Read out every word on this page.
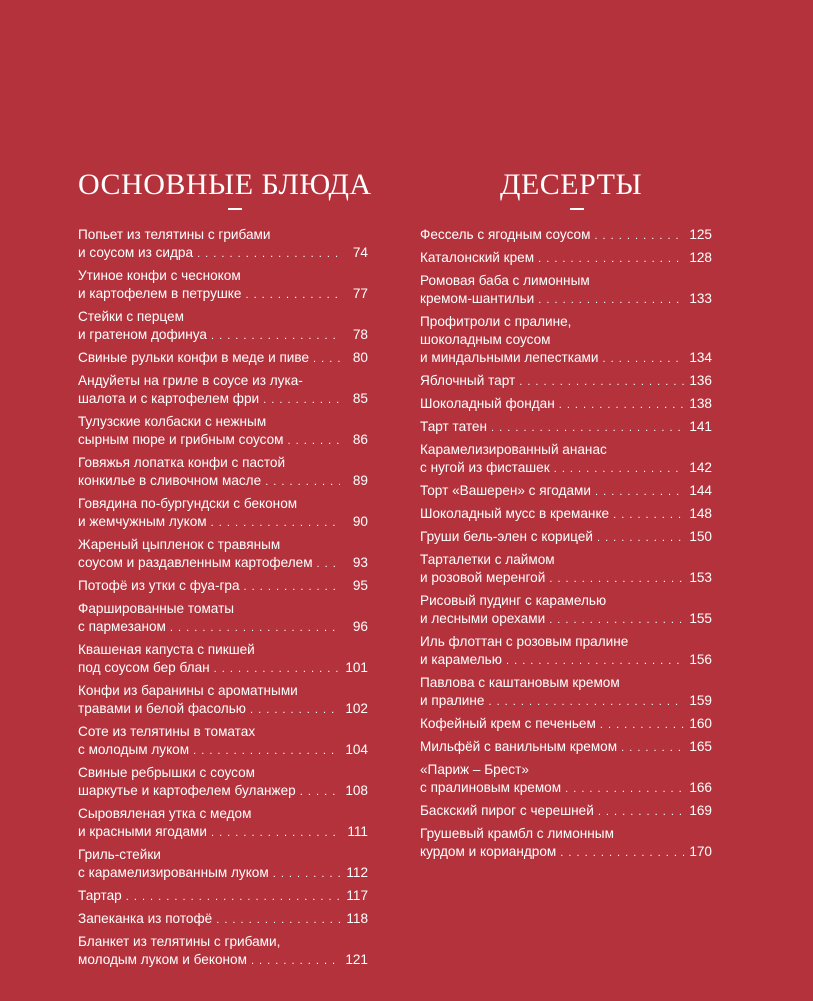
ОСНОВНЫЕ БЛЮДА
Попьет из телятины с грибами
и соусом из сидра . . .	74
Утиное конфи с чесноком
и картофелем в петрушке . . .	77
Стейки с перцем
и гратеном дофинуа . . .	78
Свиные рульки конфи в меде и пиве . . .	80
Андуйеты на гриле в соусе из лука-
шалота и с картофелем фри . . .	85
Тулузские колбаски с нежным
сырным пюре и грибным соусом . . .	86
Говяжья лопатка конфи с пастой
конкилье в сливочном масле . . .	89
Говядина по-бургундски с беконом
и жемчужным луком . . .	90
Жареный цыпленок с травяным
соусом и раздавленным картофелем . . .	93
Потофё из утки с фуа-гра . . .	95
Фаршированные томаты
с пармезаном . . .	96
Квашеная капуста с пикшей
под соусом бер блан . . .	101
Конфи из баранины с ароматными
травами и белой фасолью . . .	102
Соте из телятины в томатах
с молодым луком . . .	104
Свиные ребрышки с соусом
шаркутье и картофелем буланжер . . .	108
Сыровяленая утка с медом
и красными ягодами . . .	111
Гриль-стейки
с карамелизированным луком . . .	112
Тартар . . .	117
Запеканка из потофё . . .	118
Бланкет из телятины с грибами,
молодым луком и беконом . . .	121
ДЕСЕРТЫ
Фессель с ягодным соусом . . .	125
Каталонский крем . . .	128
Ромовая баба с лимонным
кремом-шантильи . . .	133
Профитроли с пралине,
шоколадным соусом
и миндальными лепестками . . .	134
Яблочный тарт . . .	136
Шоколадный фондан . . .	138
Тарт татен . . .	141
Карамелизированный ананас
с нугой из фисташек . . .	142
Торт «Вашерен» с ягодами . . .	144
Шоколадный мусс в креманке . . .	148
Груши бель-элен с корицей . . .	150
Тарталетки с лаймом
и розовой меренгой . . .	153
Рисовый пудинг с карамелью
и лесными орехами . . .	155
Иль флоттан с розовым пралине
и карамелью . . .	156
Павлова с каштановым кремом
и пралине . . .	159
Кофейный крем с печеньем . . .	160
Мильфёй с ванильным кремом . . .	165
«Париж – Брест»
с пралиновым кремом . . .	166
Баскский пирог с черешней . . .	169
Грушевый крамбл с лимонным
курдом и кориандром . . .	170
